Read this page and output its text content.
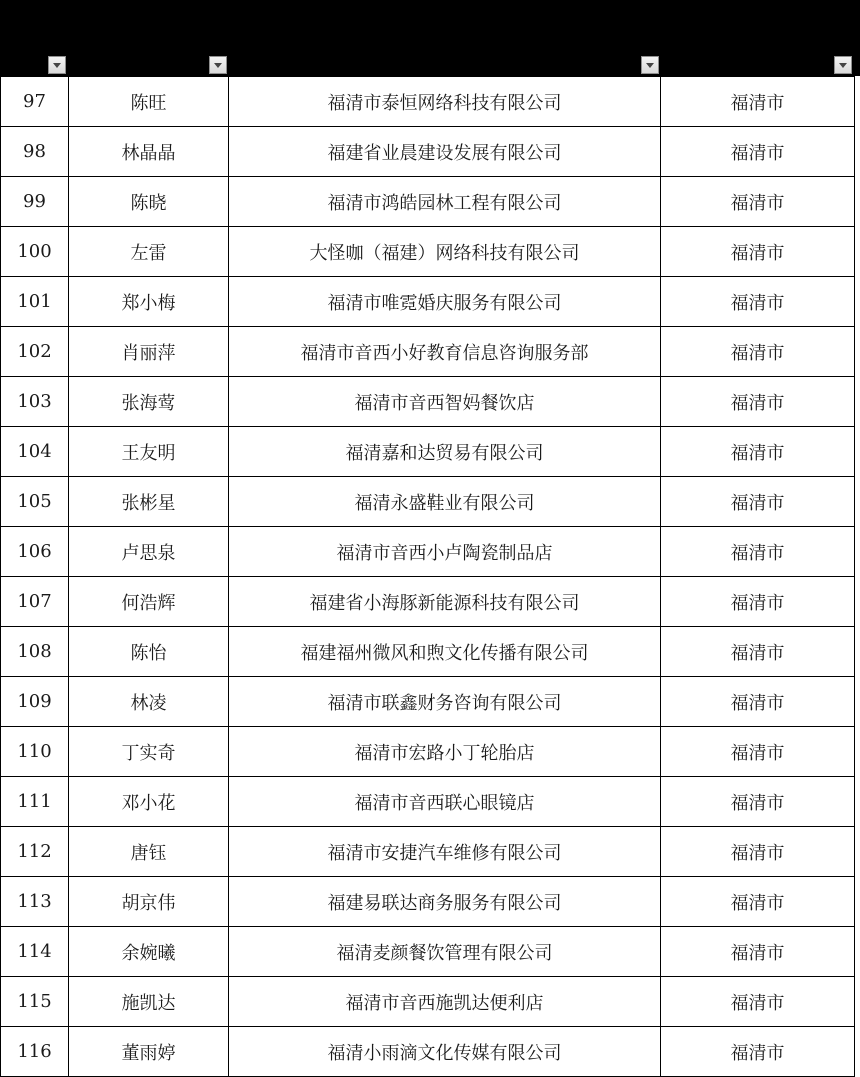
97	陈旺	福清市泰恒网络科技有限公司	福清市
98	林晶晶	福建省业晨建设发展有限公司	福清市
99	陈晓	福清市鸿皓园林工程有限公司	福清市
100	左雷	大怪咖（福建）网络科技有限公司	福清市
101	郑小梅	福清市唯霓婚庆服务有限公司	福清市
102	肖丽萍	福清市音西小好教育信息咨询服务部	福清市
103	张海莺	福清市音西智妈餐饮店	福清市
104	王友明	福清嘉和达贸易有限公司	福清市
105	张彬星	福清永盛鞋业有限公司	福清市
106	卢思泉	福清市音西小卢陶瓷制品店	福清市
107	何浩辉	福建省小海豚新能源科技有限公司	福清市
108	陈怡	福建福州微风和煦文化传播有限公司	福清市
109	林凌	福清市联鑫财务咨询有限公司	福清市
110	丁实奇	福清市宏路小丁轮胎店	福清市
111	邓小花	福清市音西联心眼镜店	福清市
112	唐钰	福清市安捷汽车维修有限公司	福清市
113	胡京伟	福建易联达商务服务有限公司	福清市
114	余婉曦	福清麦颜餐饮管理有限公司	福清市
115	施凯达	福清市音西施凯达便利店	福清市
116	董雨婷	福清小雨滴文化传媒有限公司	福清市
